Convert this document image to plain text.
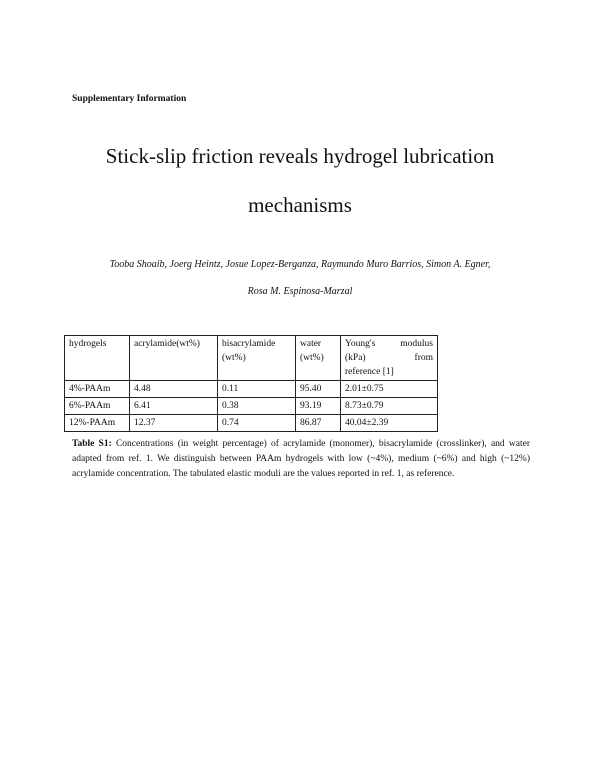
Supplementary Information
Stick-slip friction reveals hydrogel lubrication
mechanisms
Tooba Shoaib, Joerg Heintz, Josue Lopez-Berganza, Raymundo Muro Barrios, Simon A. Egner,
Rosa M. Espinosa-Marzal
hydrogels	acrylamide(wt%)	bisacrylamide (wt%)	water (wt%)	Young's modulus
(kPa) from
reference [1]

4%-PAAm	4.48	0.11	95.40	2.01±0.75
6%-PAAm	6.41	0.38	93.19	8.73±0.79
12%-PAAm	12.37	0.74	86.87	40.04±2.39
Table S1: Concentrations (in weight percentage) of acrylamide (monomer), bisacrylamide (crosslinker), and water adapted from ref. 1. We distinguish between PAAm hydrogels with low (~4%), medium (~6%) and high (~12%) acrylamide concentration. The tabulated elastic moduli are the values reported in ref. 1, as reference.
